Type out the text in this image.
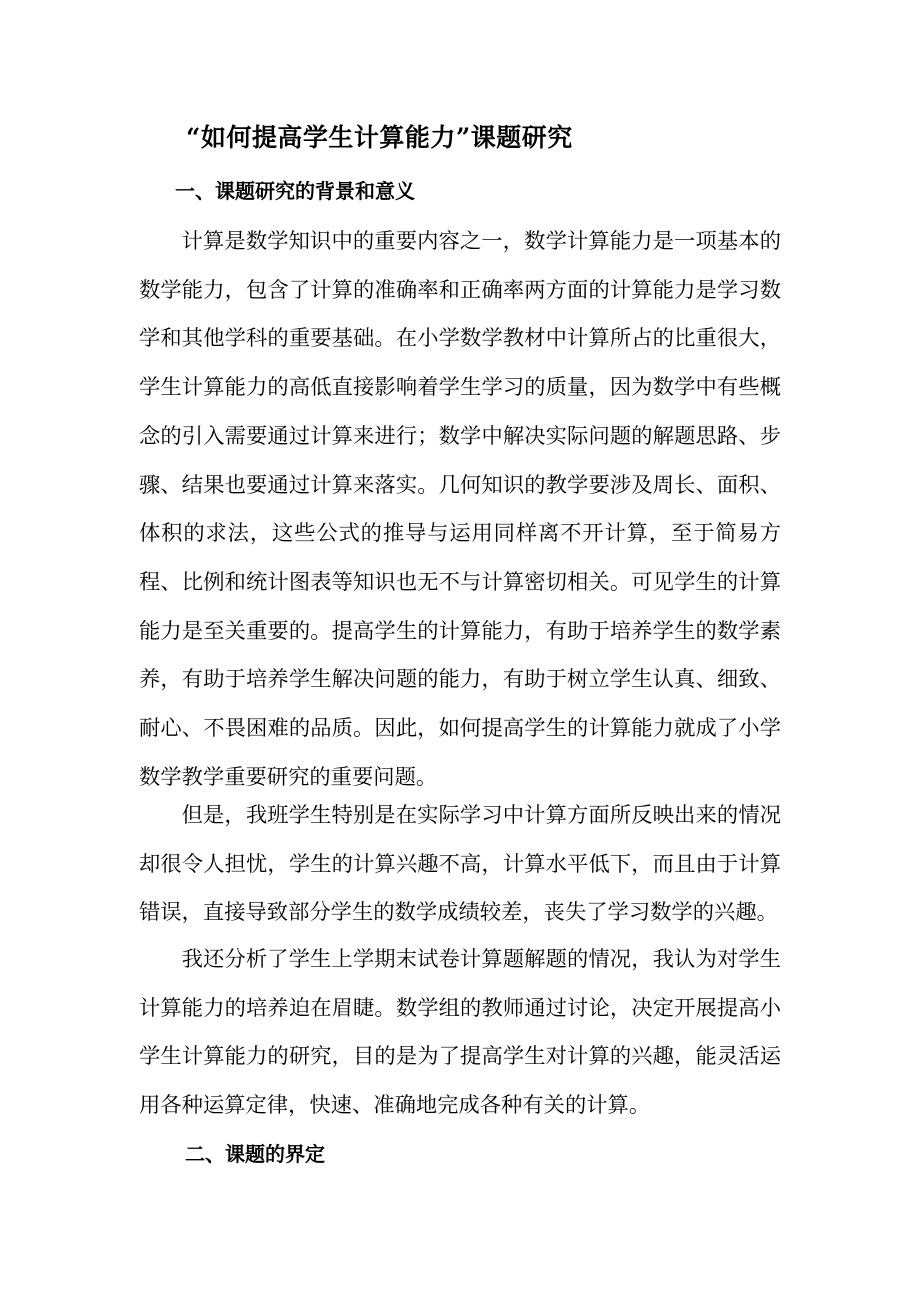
“如何提高学生计算能力”课题研究
一、课题研究的背景和意义

计算是数学知识中的重要内容之一，数学计算能力是一项基本的数学能力，包含了计算的准确率和正确率两方面的计算能力是学习数学和其他学科的重要基础。在小学数学教材中计算所占的比重很大，学生计算能力的高低直接影响着学生学习的质量，因为数学中有些概念的引入需要通过计算来进行；数学中解决实际问题的解题思路、步骤、结果也要通过计算来落实。几何知识的教学要涉及周长、面积、体积的求法，这些公式的推导与运用同样离不开计算，至于简易方程、比例和统计图表等知识也无不与计算密切相关。可见学生的计算能力是至关重要的。提高学生的计算能力，有助于培养学生的数学素养，有助于培养学生解决问题的能力，有助于树立学生认真、细致、耐心、不畏困难的品质。因此，如何提高学生的计算能力就成了小学数学教学重要研究的重要问题。

但是，我班学生特别是在实际学习中计算方面所反映出来的情况却很令人担忧，学生的计算兴趣不高，计算水平低下，而且由于计算错误，直接导致部分学生的数学成绩较差，丧失了学习数学的兴趣。

我还分析了学生上学期末试卷计算题解题的情况，我认为对学生计算能力的培养迫在眉睫。数学组的教师通过讨论，决定开展提高小学生计算能力的研究，目的是为了提高学生对计算的兴趣，能灵活运用各种运算定律，快速、准确地完成各种有关的计算。

二、课题的界定
